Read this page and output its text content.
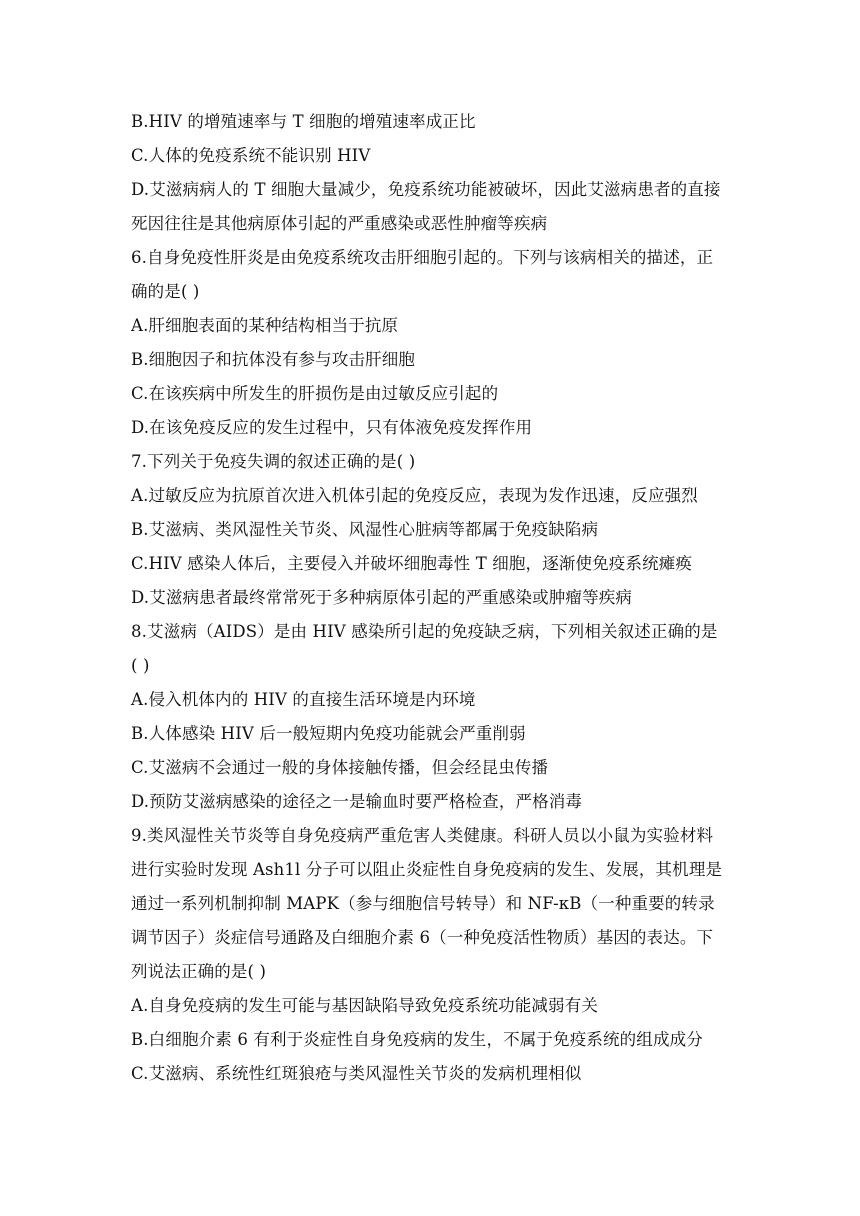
B.HIV 的增殖速率与 T 细胞的增殖速率成正比
C.人体的免疫系统不能识别 HIV
D.艾滋病病人的 T 细胞大量减少，免疫系统功能被破坏，因此艾滋病患者的直接
死因往往是其他病原体引起的严重感染或恶性肿瘤等疾病
6.自身免疫性肝炎是由免疫系统攻击肝细胞引起的。下列与该病相关的描述，正
确的是( )
A.肝细胞表面的某种结构相当于抗原
B.细胞因子和抗体没有参与攻击肝细胞
C.在该疾病中所发生的肝损伤是由过敏反应引起的
D.在该免疫反应的发生过程中，只有体液免疫发挥作用
7.下列关于免疫失调的叙述正确的是( )
A.过敏反应为抗原首次进入机体引起的免疫反应，表现为发作迅速，反应强烈
B.艾滋病、类风湿性关节炎、风湿性心脏病等都属于免疫缺陷病
C.HIV 感染人体后，主要侵入并破坏细胞毒性 T 细胞，逐渐使免疫系统瘫痪
D.艾滋病患者最终常常死于多种病原体引起的严重感染或肿瘤等疾病
8.艾滋病（AIDS）是由 HIV 感染所引起的免疫缺乏病，下列相关叙述正确的是
( )
A.侵入机体内的 HIV 的直接生活环境是内环境
B.人体感染 HIV 后一般短期内免疫功能就会严重削弱
C.艾滋病不会通过一般的身体接触传播，但会经昆虫传播
D.预防艾滋病感染的途径之一是输血时要严格检查，严格消毒
9.类风湿性关节炎等自身免疫病严重危害人类健康。科研人员以小鼠为实验材料
进行实验时发现 Ash1l 分子可以阻止炎症性自身免疫病的发生、发展，其机理是
通过一系列机制抑制 MAPK（参与细胞信号转导）和 NF-κB（一种重要的转录
调节因子）炎症信号通路及白细胞介素 6（一种免疫活性物质）基因的表达。下
列说法正确的是( )
A.自身免疫病的发生可能与基因缺陷导致免疫系统功能减弱有关
B.白细胞介素 6 有利于炎症性自身免疫病的发生，不属于免疫系统的组成成分
C.艾滋病、系统性红斑狼疮与类风湿性关节炎的发病机理相似
